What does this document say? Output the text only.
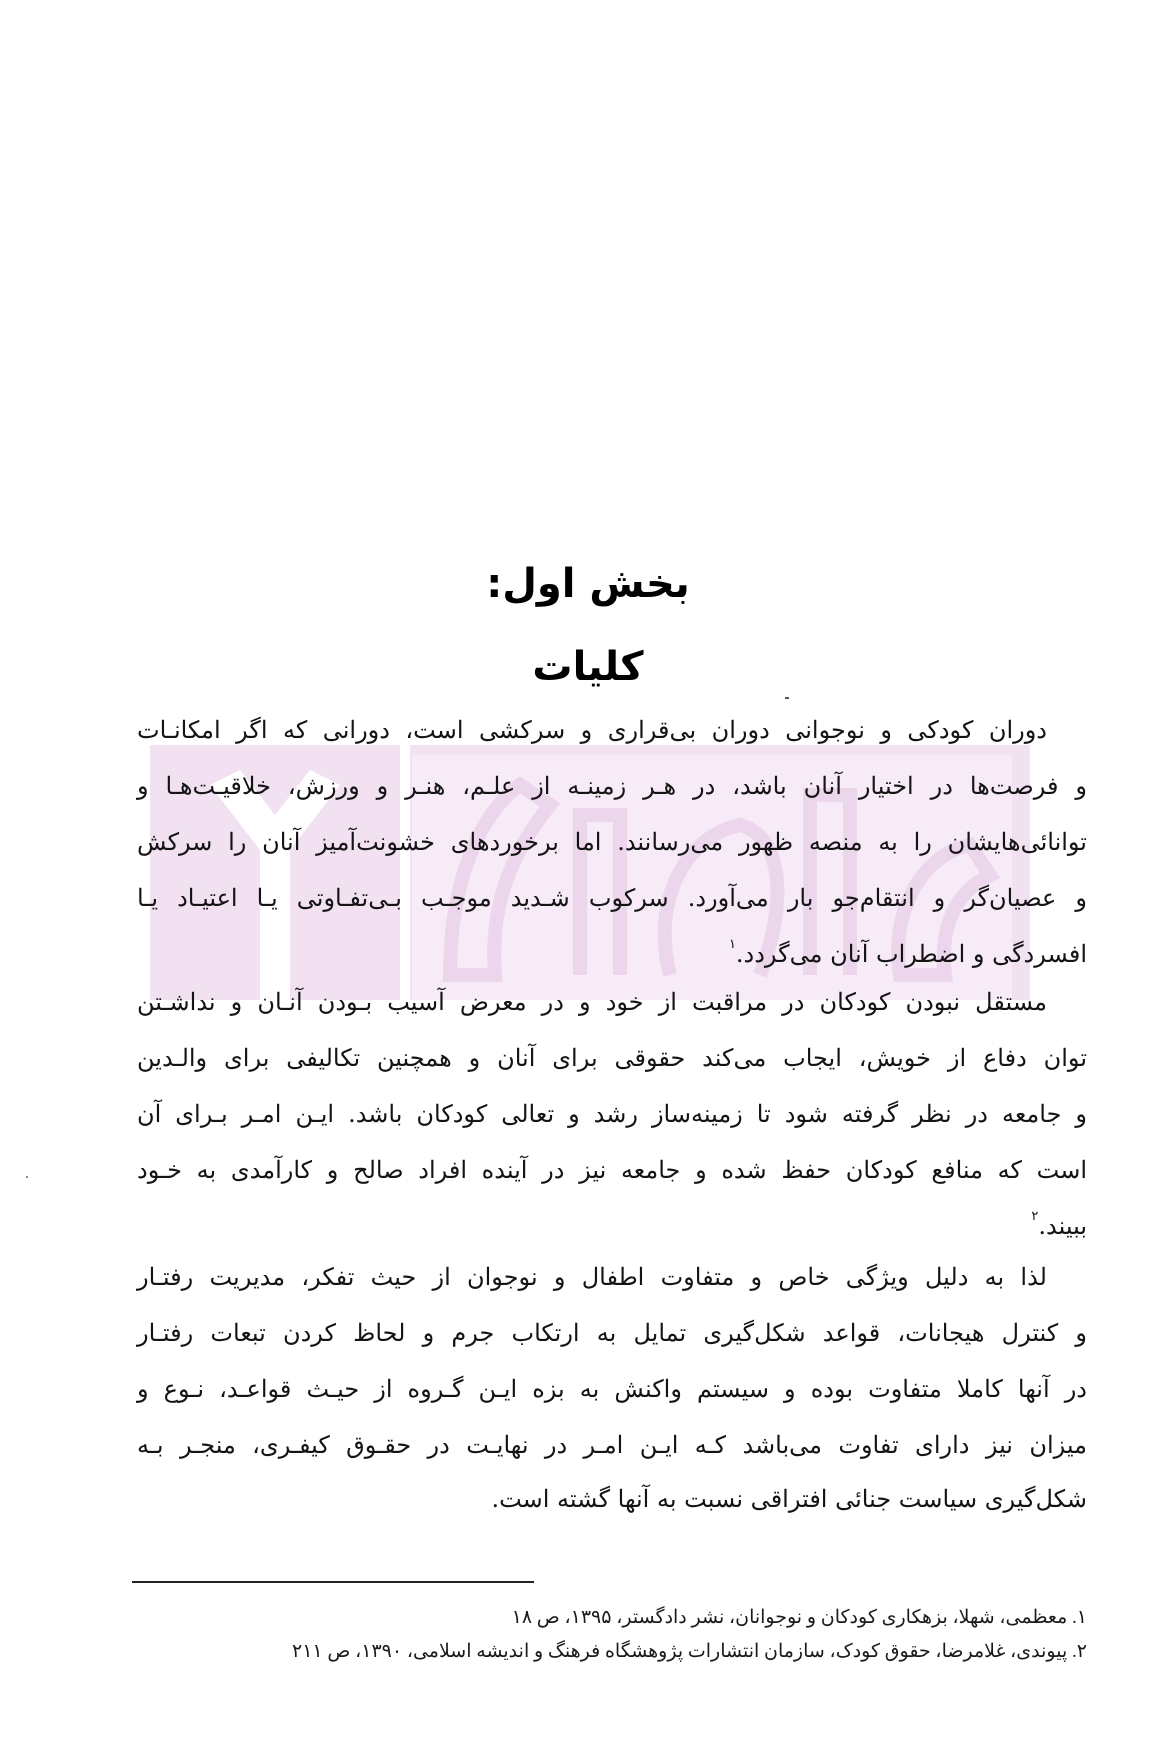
بخش اول:
کلیات
دوران کودکی و نوجوانی دوران بی‌قراری و سرکشی است، دورانی که اگر امکانـات
و فرصت‌ها در اختیار آنان باشد، در هـر زمینـه از علـم، هنـر و ورزش، خلاقیـت‌هـا و
توانائی‌هایشان را به منصه ظهور می‌رسانند. اما برخوردهای خشونت‌آمیز آنان را سرکش
و عصیان‌گر و انتقام‌جو بار می‌آورد. سرکوب شـدید موجـب بـی‌تفـاوتی یـا اعتیـاد یـا
افسردگی و اضطراب آنان می‌گردد.$^۱$
مستقل نبودن کودکان در مراقبت از خود و در معرض آسیب بـودن آنـان و نداشـتن
توان دفاع از خویش، ایجاب می‌کند حقوقی برای آنان و همچنین تکالیفی برای والـدین
و جامعه در نظر گرفته شود تا زمینه‌ساز رشد و تعالی کودکان باشد. ایـن امـر بـرای آن
است که منافع کودکان حفظ شده و جامعه نیز در آینده افراد صالح و کارآمدی به خـود
ببیند.$^۲$
لذا به دلیل ویژگی خاص و متفاوت اطفال و نوجوان از حیث تفکر، مدیریت رفتـار
و کنترل هیجانات، قواعد شکل‌گیری تمایل به ارتکاب جرم و لحاظ کردن تبعات رفتـار
در آنها کاملا متفاوت بوده و سیستم واکنش به بزه ایـن گـروه از حیـث قواعـد، نـوع و
میزان نیز دارای تفاوت می‌باشد کـه ایـن امـر در نهایـت در حقـوق کیفـری، منجـر بـه
شکل‌گیری سیاست جنائی افتراقی نسبت به آنها گشته است.
۱. معظمی، شهلا، بزهکاری کودکان و نوجوانان، نشر دادگستر، ۱۳۹۵، ص ۱۸
۲. پیوندی، غلامرضا، حقوق کودک، سازمان انتشارات پژوهشگاه فرهنگ و اندیشه اسلامی، ۱۳۹۰، ص ۲۱۱
